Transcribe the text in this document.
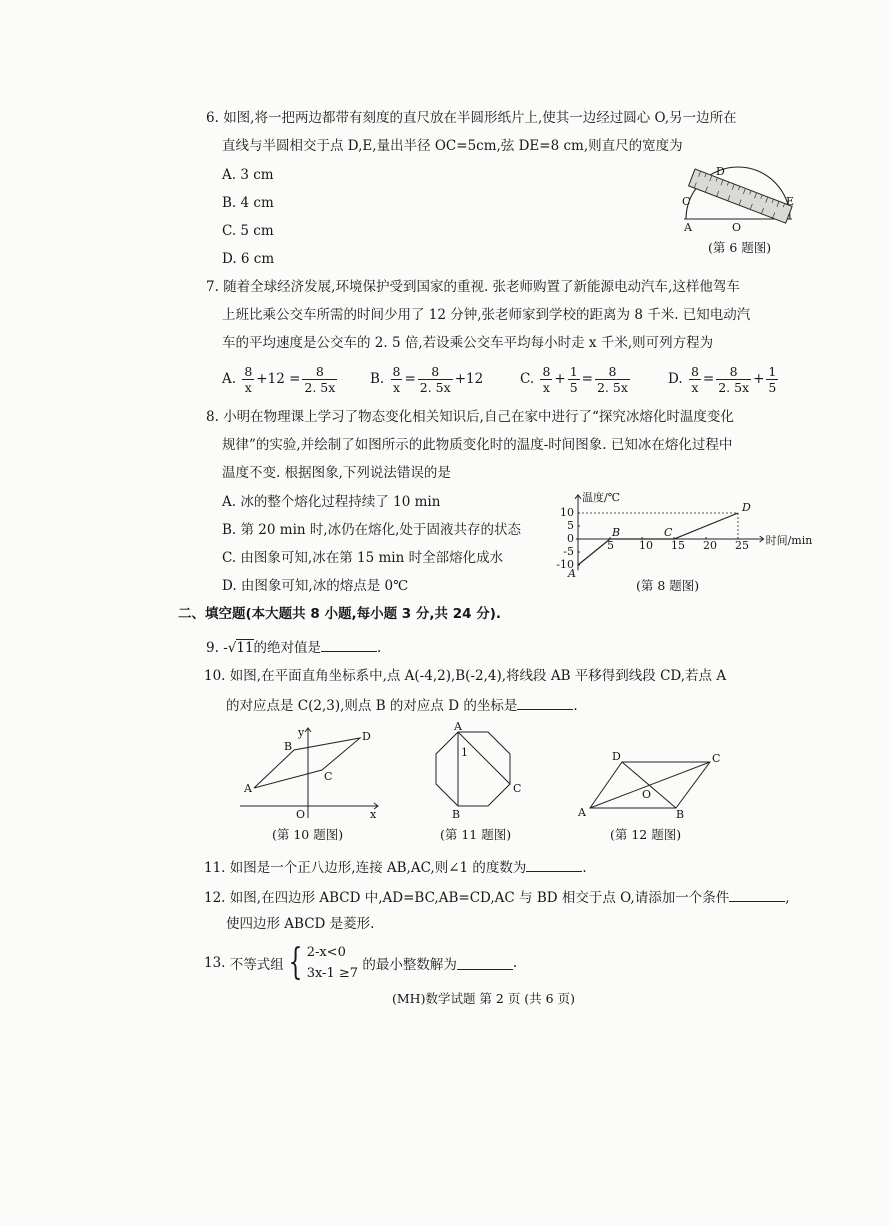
6. 如图,将一把两边都带有刻度的直尺放在半圆形纸片上,使其一边经过圆心 O,另一边所在
直线与半圆相交于点 D,E,量出半径 OC=5cm,弦 DE=8 cm,则直尺的宽度为
A. 3 cm
B. 4 cm
C. 5 cm
D. 6 cm
D
C	E
A	O
(第 6 题图)
7. 随着全球经济发展,环境保护受到国家的重视. 张老师购置了新能源电动汽车,这样他驾车
上班比乘公交车所需的时间少用了 12 分钟,张老师家到学校的距离为 8 千米. 已知电动汽
车的平均速度是公交车的 2. 5 倍,若设乘公交车平均每小时走 x 千米,则可列方程为
A. $\frac{8}{x} +12 = \frac{8}{2. 5x} B$. $\frac{8}{x} = \frac{8}{2. 5x} +12$	C. $\frac{8}{x} + \frac{1}{5} = \frac{8}{2. 5x}$	D. $\frac{8}{x} = \frac{8}{2. 5x} + \frac{1}{5}$
8. 小明在物理课上学习了物态变化相关知识后,自己在家中进行了“探究冰熔化时温度变化
规律”的实验,并绘制了如图所示的此物质变化时的温度-时间图象. 已知冰在熔化过程中
温度不变. 根据图象,下列说法错误的是
A. 冰的整个熔化过程持续了 10 min
B. 第 20 min 时,冰仍在熔化,处于固液共存的状态
C. 由图象可知,冰在第 15 min 时全部熔化成水
D. 由图象可知,冰的熔点是 0℃
5 10 15 20 25
10
5
0
-5
-10
A
B	C
D
温度/℃
时间/min
(第 8 题图)
二、填空题(本大题共 8 小题,每小题 3 分,共 24 分).
9. -√11的绝对值是	.
10. 如图,在平面直角坐标系中,点 A(-4,2),B(-2,4),将线段 AB 平移得到线段 CD,若点 A
的对应点是 C(2,3),则点 B 的对应点 D 的坐标是	.
y
x
O
A
B
C
D
(第 10 题图)
A
1
B
C
(第 11 题图)
D	C
O
A	B
(第 12 题图)
11. 如图是一个正八边形,连接 AB,AC,则∠1 的度数为	.
12. 如图,在四边形 ABCD 中,AD=BC,AB=CD,AC 与 BD 相交于点 O,请添加一个条件	,
使四边形 ABCD 是菱形.
13. 不等式组 { 2-x<0
3x-1 ≥7
的最小整数解为	.
(MH)数学试题 第 2 页 (共 6 页)
